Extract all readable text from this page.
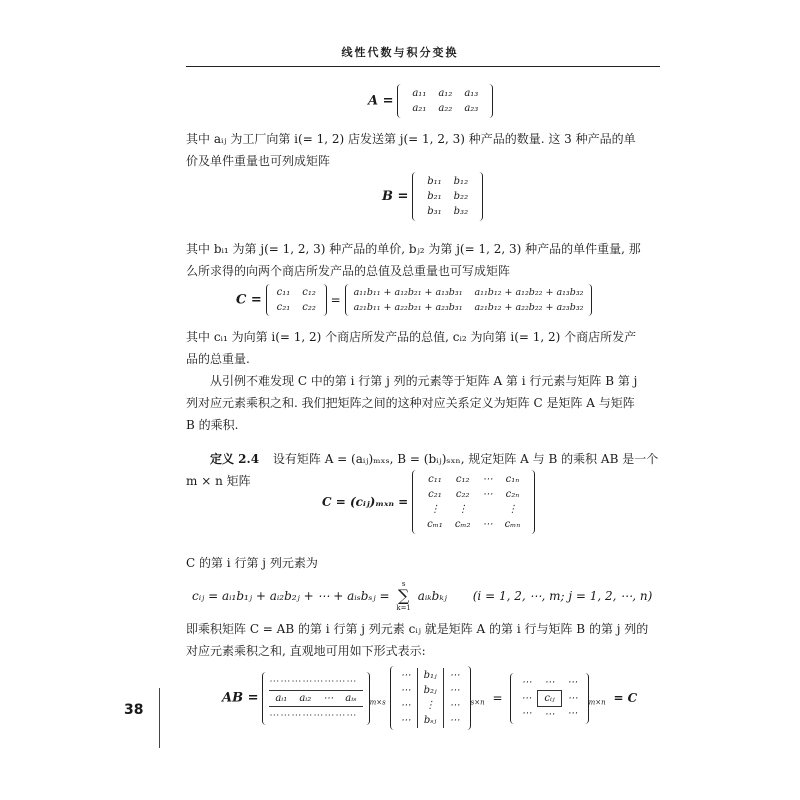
线性代数与积分变换
A = a₁₁	a₁₂	a₁₃
a₂₁	a₂₂	a₂₃
其中 aᵢⱼ 为工厂向第 i(= 1, 2) 店发送第 j(= 1, 2, 3) 种产品的数量. 这 3 种产品的单
价及单件重量也可列成矩阵
B =
b₁₁	b₁₂
b₂₁	b₂₂
b₃₁	b₃₂
其中 bᵢ₁ 为第 j(= 1, 2, 3) 种产品的单价, bⱼ₂ 为第 j(= 1, 2, 3) 种产品的单件重量, 那
么所求得的向两个商店所发产品的总值及总重量也可写成矩阵
C = c₁₁	c₁₂
c₂₁	c₂₂
=
a₁₁b₁₁ + a₁₂b₂₁ + a₁₃b₃₁	a₁₁b₁₂ + a₁₂b₂₂ + a₁₃b₃₂
a₂₁b₁₁ + a₂₂b₂₁ + a₂₃b₃₁	a₂₁b₁₂ + a₂₂b₂₂ + a₂₃b₃₂
其中 cᵢ₁ 为向第 i(= 1, 2) 个商店所发产品的总值, cᵢ₂ 为向第 i(= 1, 2) 个商店所发产
品的总重量.
　　从引例不难发现 C 中的第 i 行第 j 列的元素等于矩阵 A 第 i 行元素与矩阵 B 第 j
列对应元素乘积之和. 我们把矩阵之间的这种对应关系定义为矩阵 C 是矩阵 A 与矩阵
B 的乘积.
定义 2.4 设有矩阵 A = (aᵢⱼ)ₘₓₛ, B = (bᵢⱼ)ₛₓₙ, 规定矩阵 A 与 B 的乘积 AB 是一个
m × n 矩阵
C = (cᵢⱼ)ₘₓₙ =
c₁₁	c₁₂	⋯	c₁ₙ
c₂₁	c₂₂	⋯	c₂ₙ
⋮	⋮		⋮
cₘ₁	cₘ₂	⋯	cₘₙ
C 的第 i 行第 j 列元素为
cᵢⱼ = aᵢ₁b₁ⱼ + aᵢ₂b₂ⱼ + ⋯ + aᵢₛbₛⱼ =
s
∑
k=1
aᵢₖbₖⱼ (i = 1, 2, ⋯, m; j = 1, 2, ⋯, n)
即乘积矩阵 C = AB 的第 i 行第 j 列元素 cᵢⱼ 就是矩阵 A 的第 i 行与矩阵 B 的第 j 列的
对应元素乘积之和, 直观地可用如下形式表示:
AB =
⋯⋯⋯⋯⋯⋯⋯⋯
aᵢ₁	aᵢ₂	⋯	aᵢₛ
⋯⋯⋯⋯⋯⋯⋯⋯
$_{m\times s}$
⋯	b₁ⱼ	⋯
⋯	b₂ⱼ	⋯
⋯	⋮	⋯
⋯	bₛⱼ	⋯
$_{s\times n}$ =
⋯	⋯	⋯
⋯	cᵢⱼ	⋯
⋯	⋯	⋯
$_{m\times n}$ = C
38
